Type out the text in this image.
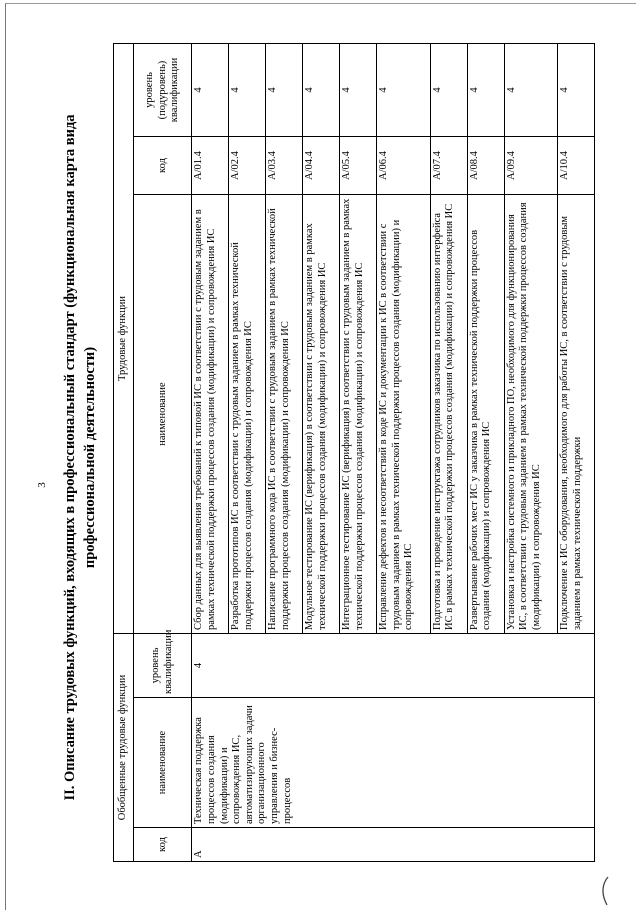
3 II. Описание трудовых функций, входящих в профессиональный стандарт (функциональная карта вида профессиональной деятельности)
Обобщенные трудовые функции			Трудовые функции		
код	наименование	уровень квалификации	наименование	код	уровень (подуровень) квалификации
А	Техническая поддержка процессов создания (модификации) и сопровождения ИС, автоматизирующих задачи организационного управления и бизнес-процессов	4	Сбор данных для выявления требований к типовой ИС в соответствии с трудовым заданием в рамках технической поддержки процессов создания (модификации) и сопровождения ИС	A/01.4	4
			Разработка прототипов ИС в соответствии с трудовым заданием в рамках технической поддержки процессов создания (модификации) и сопровождения ИС	A/02.4	4
			Написание программного кода ИС в соответствии с трудовым заданием в рамках технической поддержки процессов создания (модификации) и сопровождения ИС	A/03.4	4
			Модульное тестирование ИС (верификация) в соответствии с трудовым заданием в рамках технической поддержки процессов создания (модификации) и сопровождения ИС	A/04.4	4
			Интеграционное тестирование ИС (верификация) в соответствии с трудовым заданием в рамках технической поддержки процессов создания (модификации) и сопровождения ИС	A/05.4	4
			Исправление дефектов и несоответствий в коде ИС и документации к ИС в соответствии с трудовым заданием в рамках технической поддержки процессов создания (модификации) и сопровождения ИС	A/06.4	4
			Подготовка и проведение инструктажа сотрудников заказчика по использованию интерфейса ИС в рамках технической поддержки процессов создания (модификации) и сопровождения ИС	A/07.4	4
			Развертывание рабочих мест ИС у заказчика в рамках технической поддержки процессов создания (модификации) и сопровождения ИС	A/08.4	4
			Установка и настройка системного и прикладного ПО, необходимого для функционирования ИС, в соответствии с трудовым заданием в рамках технической поддержки процессов создания (модификации) и сопровождения ИС	A/09.4	4
			Подключение к ИС оборудования, необходимого для работы ИС, в соответствии с трудовым заданием в рамках технической поддержки	A/10.4	4
